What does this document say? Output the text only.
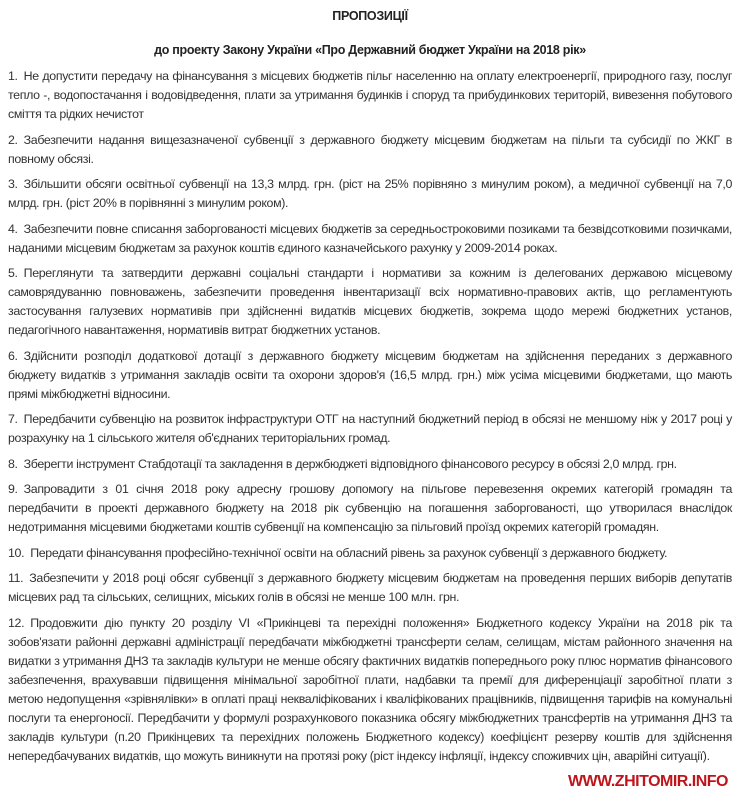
ПРОПОЗИЦІЇ
до проекту Закону України «Про Державний бюджет України на 2018 рік»

1. Не допустити передачу на фінансування з місцевих бюджетів пільг населенню на оплату електроенергії, природного газу, послуг тепло -, водопостачання і водовідведення, плати за утримання будинків і споруд та прибудинкових територій, вивезення побутового сміття та рідких нечистот

2. Забезпечити надання вищезазначеної субвенції з державного бюджету місцевим бюджетам на пільги та субсидії по ЖКГ в повному обсязі.

3. Збільшити обсяги освітньої субвенції на 13,3 млрд. грн. (ріст на 25% порівняно з минулим роком), а медичної субвенції на 7,0 млрд. грн. (ріст 20% в порівнянні з минулим роком).

4. Забезпечити повне списання заборгованості місцевих бюджетів за середньостроковими позиками та безвідсотковими позичками, наданими місцевим бюджетам за рахунок коштів єдиного казначейського рахунку у 2009-2014 роках.

5. Переглянути та затвердити державні соціальні стандарти і нормативи за кожним із делегованих державою місцевому самоврядуванню повноважень, забезпечити проведення інвентаризації всіх нормативно-правових актів, що регламентують застосування галузевих нормативів при здійсненні видатків місцевих бюджетів, зокрема щодо мережі бюджетних установ, педагогічного навантаження, нормативів витрат бюджетних установ.

6. Здійснити розподіл додаткової дотації з державного бюджету місцевим бюджетам на здійснення переданих з державного бюджету видатків з утримання закладів освіти та охорони здоров'я (16,5 млрд. грн.) між усіма місцевими бюджетами, що мають прямі міжбюджетні відносини.

7. Передбачити субвенцію на розвиток інфраструктури ОТГ на наступний бюджетний період в обсязі не меншому ніж у 2017 році у розрахунку на 1 сільського жителя об'єднаних територіальних громад.

8. Зберегти інструмент Стабдотації та закладення в держбюджеті відповідного фінансового ресурсу в обсязі 2,0 млрд. грн.

9. Запровадити з 01 січня 2018 року адресну грошову допомогу на пільгове перевезення окремих категорій громадян та передбачити в проекті державного бюджету на 2018 рік субвенцію на погашення заборгованості, що утворилася внаслідок недотримання місцевими бюджетами коштів субвенції на компенсацію за пільговий проїзд окремих категорій громадян.

10. Передати фінансування професійно-технічної освіти на обласний рівень за рахунок субвенції з державного бюджету.

11. Забезпечити у 2018 році обсяг субвенції з державного бюджету місцевим бюджетам на проведення перших виборів депутатів місцевих рад та сільських, селищних, міських голів в обсязі не менше 100 млн. грн.

12. Продовжити дію пункту 20 розділу VI «Прикінцеві та перехідні положення» Бюджетного кодексу України на 2018 рік та зобов'язати районні державні адміністрації передбачати міжбюджетні трансферти селам, селищам, містам районного значення на видатки з утримання ДНЗ та закладів культури не менше обсягу фактичних видатків попереднього року плюс норматив фінансового забезпечення, врахувавши підвищення мінімальної заробітної плати, надбавки та премії для диференціації заробітної плати з метою недопущення «зрівнялівки» в оплаті праці некваліфікованих і кваліфікованих працівників, підвищення тарифів на комунальні послуги та енергоносії. Передбачити у формулі розрахункового показника обсягу міжбюджетних трансфертів на утримання ДНЗ та закладів культури (п.20 Прикінцевих та перехідних положень Бюджетного кодексу) коефіцієнт резерву коштів для здійснення непередбачуваних видатків, що можуть виникнути на протязі року (ріст індексу інфляції, індексу споживчих цін, аварійні ситуації).

WWW.ZHITOMIR.INFO
